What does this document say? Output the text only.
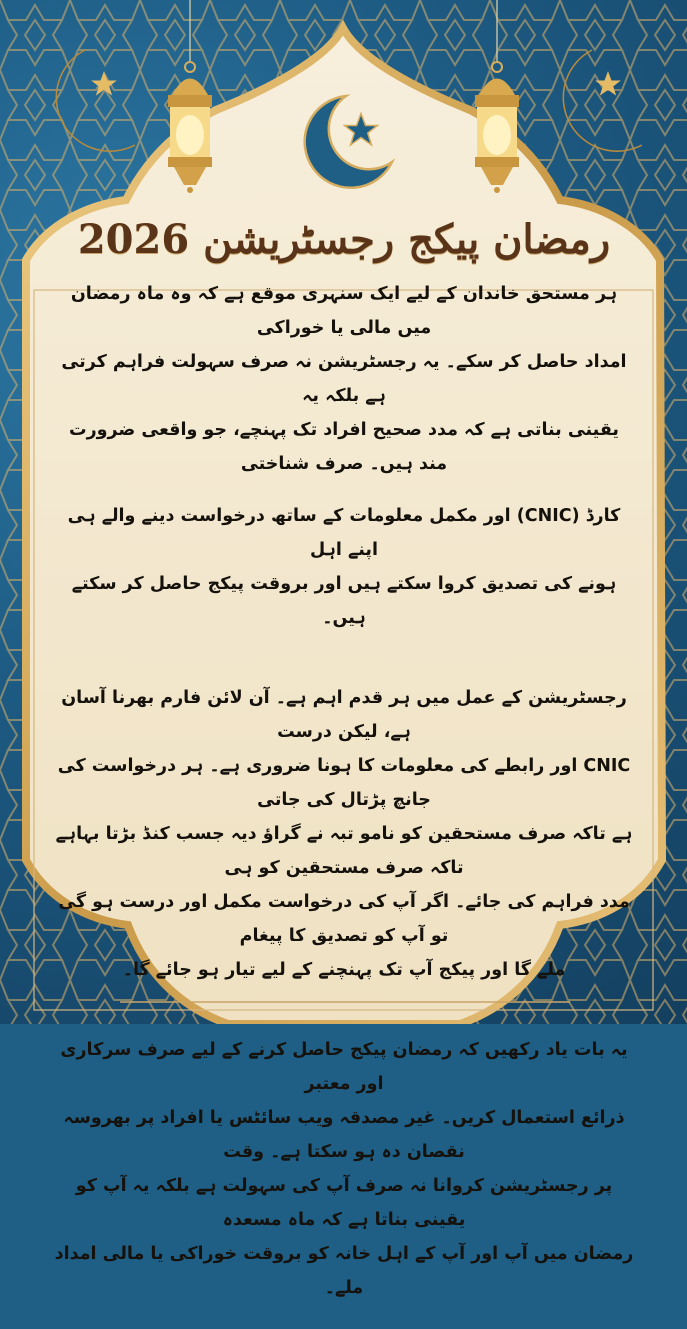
رمضان پیکج رجسٹریشن 2026
ہر مستحق خاندان کے لیے ایک سنہری موقع ہے کہ وہ ماہ رمضان میں مالی یا خوراکی
امداد حاصل کر سکے۔ یہ رجسٹریشن نہ صرف سہولت فراہم کرتی ہے بلکہ یہ
یقینی بناتی ہے کہ مدد صحیح افراد تک پہنچے، جو واقعی ضرورت مند ہیں۔ صرف شناختی
کارڈ (CNIC) اور مکمل معلومات کے ساتھ درخواست دینے والے ہی اپنے اہل
ہونے کی تصدیق کروا سکتے ہیں اور بروقت پیکج حاصل کر سکتے ہیں۔
رجسٹریشن کے عمل میں ہر قدم اہم ہے۔ آن لائن فارم بھرنا آسان ہے، لیکن درست
CNIC اور رابطے کی معلومات کا ہونا ضروری ہے۔ ہر درخواست کی جانچ پڑتال کی جاتی
ہے تاکہ صرف مستحقین کو نامو تبہ نے گراؤ دیہ جسب کنڈ بڑتا بہاہے تاکہ صرف مستحقین کو ہی
مدد فراہم کی جائے۔ اگر آپ کی درخواست مکمل اور درست ہو گی تو آپ کو تصدیق کا پیغام
ملے گا اور پیکج آپ تک پہنچنے کے لیے تیار ہو جائے گا۔
یہ بات یاد رکھیں کہ رمضان پیکج حاصل کرنے کے لیے صرف سرکاری اور معتبر
ذرائع استعمال کریں۔ غیر مصدقہ ویب سائٹس یا افراد پر بھروسہ نقصان دہ ہو سکتا ہے۔ وقت
پر رجسٹریشن کروانا نہ صرف آپ کی سہولت ہے بلکہ یہ آپ کو یقینی بناتا ہے کہ ماہ مسعدہ
رمضان میں آپ اور آپ کے اہل خانہ کو بروقت خوراکی یا مالی امداد ملے۔
